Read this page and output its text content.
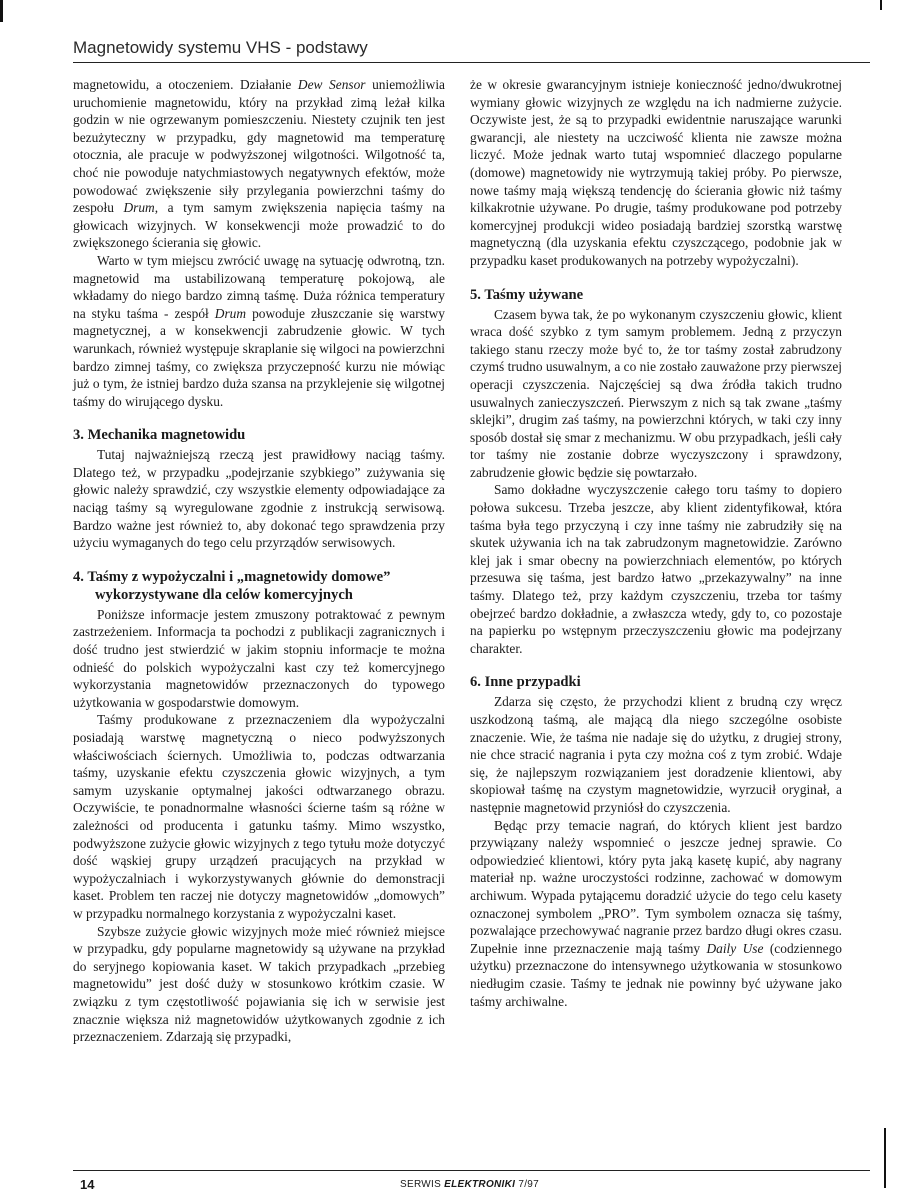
Magnetowidy systemu VHS - podstawy

magnetowidu, a otoczeniem. Działanie Dew Sensor uniemożliwia uruchomienie magnetowidu, który na przykład zimą leżał kilka godzin w nie ogrzewanym pomieszczeniu. Niestety czujnik ten jest bezużyteczny w przypadku, gdy magnetowid ma temperaturę otocznia, ale pracuje w podwyższonej wilgotności. Wilgotność ta, choć nie powoduje natychmiastowych negatywnych efektów, może powodować zwiększenie siły przylegania powierzchni taśmy do zespołu Drum, a tym samym zwiększenia napięcia taśmy na głowicach wizyjnych. W konsekwencji może prowadzić to do zwiększonego ścierania się głowic.

Warto w tym miejscu zwrócić uwagę na sytuację odwrotną, tzn. magnetowid ma ustabilizowaną temperaturę pokojową, ale wkładamy do niego bardzo zimną taśmę. Duża różnica temperatury na styku taśma - zespół Drum powoduje złuszczanie się warstwy magnetycznej, a w konsekwencji zabrudzenie głowic. W tych warunkach, również występuje skraplanie się wilgoci na powierzchni bardzo zimnej taśmy, co zwiększa przyczepność kurzu nie mówiąc już o tym, że istniej bardzo duża szansa na przyklejenie się wilgotnej taśmy do wirującego dysku.

3. Mechanika magnetowidu

Tutaj najważniejszą rzeczą jest prawidłowy naciąg taśmy. Dlatego też, w przypadku „podejrzanie szybkiego” zużywania się głowic należy sprawdzić, czy wszystkie elementy odpowiadające za naciąg taśmy są wyregulowane zgodnie z instrukcją serwisową. Bardzo ważne jest również to, aby dokonać tego sprawdzenia przy użyciu wymaganych do tego celu przyrządów serwisowych.

4. Taśmy z wypożyczalni i „magnetowidy domowe” wykorzystywane dla celów komercyjnych

Poniższe informacje jestem zmuszony potraktować z pewnym zastrzeżeniem. Informacja ta pochodzi z publikacji zagranicznych i dość trudno jest stwierdzić w jakim stopniu informacje te można odnieść do polskich wypożyczalni kast czy też komercyjnego wykorzystania magnetowidów przeznaczonych do typowego użytkowania w gospodarstwie domowym.

Taśmy produkowane z przeznaczeniem dla wypożyczalni posiadają warstwę magnetyczną o nieco podwyższonych właściwościach ściernych. Umożliwia to, podczas odtwarzania taśmy, uzyskanie efektu czyszczenia głowic wizyjnych, a tym samym uzyskanie optymalnej jakości odtwarzanego obrazu. Oczywiście, te ponadnormalne własności ścierne taśm są różne w zależności od producenta i gatunku taśmy. Mimo wszystko, podwyższone zużycie głowic wizyjnych z tego tytułu może dotyczyć dość wąskiej grupy urządzeń pracujących na przykład w wypożyczalniach i wykorzystywanych głównie do demonstracji kaset. Problem ten raczej nie dotyczy magnetowidów „domowych” w przypadku normalnego korzystania z wypożyczalni kaset.

Szybsze zużycie głowic wizyjnych może mieć również miejsce w przypadku, gdy popularne magnetowidy są używane na przykład do seryjnego kopiowania kaset. W takich przypadkach „przebieg magnetowidu” jest dość duży w stosunkowo krótkim czasie. W związku z tym częstotliwość pojawiania się ich w serwisie jest znacznie większa niż magnetowidów użytkowanych zgodnie z ich przeznaczeniem. Zdarzają się przypadki,

że w okresie gwarancyjnym istnieje konieczność jedno/dwukrotnej wymiany głowic wizyjnych ze względu na ich nadmierne zużycie. Oczywiste jest, że są to przypadki ewidentnie naruszające warunki gwarancji, ale niestety na uczciwość klienta nie zawsze można liczyć. Może jednak warto tutaj wspomnieć dlaczego popularne (domowe) magnetowidy nie wytrzymują takiej próby. Po pierwsze, nowe taśmy mają większą tendencję do ścierania głowic niż taśmy kilkakrotnie używane. Po drugie, taśmy produkowane pod potrzeby komercyjnej produkcji wideo posiadają bardziej szorstką warstwę magnetyczną (dla uzyskania efektu czyszczącego, podobnie jak w przypadku kaset produkowanych na potrzeby wypożyczalni).

5. Taśmy używane

Czasem bywa tak, że po wykonanym czyszczeniu głowic, klient wraca dość szybko z tym samym problemem. Jedną z przyczyn takiego stanu rzeczy może być to, że tor taśmy został zabrudzony czymś trudno usuwalnym, a co nie zostało zauważone przy pierwszej operacji czyszczenia. Najczęściej są dwa źródła takich trudno usuwalnych zanieczyszczeń. Pierwszym z nich są tak zwane „taśmy sklejki”, drugim zaś taśmy, na powierzchni których, w taki czy inny sposób dostał się smar z mechanizmu. W obu przypadkach, jeśli cały tor taśmy nie zostanie dobrze wyczyszczony i sprawdzony, zabrudzenie głowic będzie się powtarzało.

Samo dokładne wyczyszczenie całego toru taśmy to dopiero połowa sukcesu. Trzeba jeszcze, aby klient zidentyfikował, która taśma była tego przyczyną i czy inne taśmy nie zabrudziły się na skutek używania ich na tak zabrudzonym magnetowidzie. Zarówno klej jak i smar obecny na powierzchniach elementów, po których przesuwa się taśma, jest bardzo łatwo „przekazywalny” na inne taśmy. Dlatego też, przy każdym czyszczeniu, trzeba tor taśmy obejrzeć bardzo dokładnie, a zwłaszcza wtedy, gdy to, co pozostaje na papierku po wstępnym przeczyszczeniu głowic ma podejrzany charakter.

6. Inne przypadki

Zdarza się często, że przychodzi klient z brudną czy wręcz uszkodzoną taśmą, ale mającą dla niego szczególne osobiste znaczenie. Wie, że taśma nie nadaje się do użytku, z drugiej strony, nie chce stracić nagrania i pyta czy można coś z tym zrobić. Wdaje się, że najlepszym rozwiązaniem jest doradzenie klientowi, aby skopiował taśmę na czystym magnetowidzie, wyrzucił oryginał, a następnie magnetowid przyniósł do czyszczenia.

Będąc przy temacie nagrań, do których klient jest bardzo przywiązany należy wspomnieć o jeszcze jednej sprawie. Co odpowiedzieć klientowi, który pyta jaką kasetę kupić, aby nagrany materiał np. ważne uroczystości rodzinne, zachować w domowym archiwum. Wypada pytającemu doradzić użycie do tego celu kasety oznaczonej symbolem „PRO”. Tym symbolem oznacza się taśmy, pozwalające przechowywać nagranie przez bardzo długi okres czasu. Zupełnie inne przeznaczenie mają taśmy Daily Use (codziennego użytku) przeznaczone do intensywnego użytkowania w stosunkowo niedługim czasie. Taśmy te jednak nie powinny być używane jako taśmy archiwalne.

14	SERWIS ELEKTRONIKI 7/97
